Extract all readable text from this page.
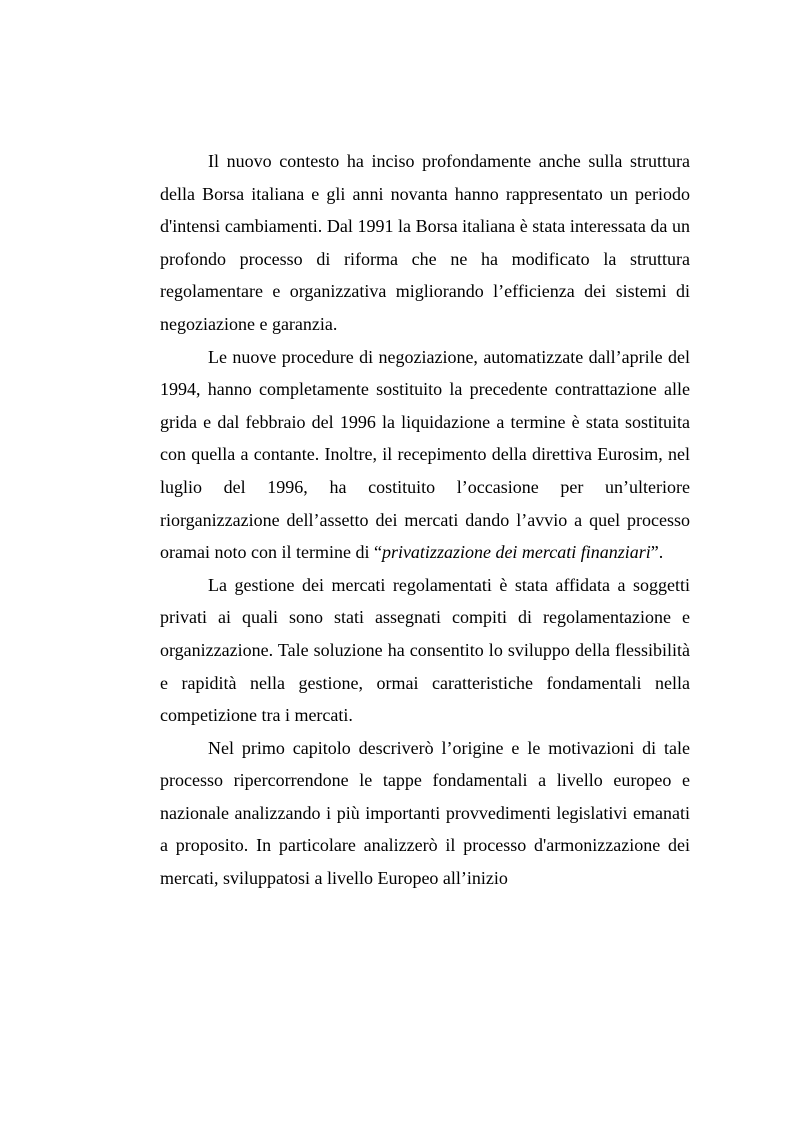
Il nuovo contesto ha inciso profondamente anche sulla struttura della Borsa italiana e gli anni novanta hanno rappresentato un periodo d'intensi cambiamenti. Dal 1991 la Borsa italiana è stata interessata da un profondo processo di riforma che ne ha modificato la struttura regolamentare e organizzativa migliorando l’efficienza dei sistemi di negoziazione e garanzia.

Le nuove procedure di negoziazione, automatizzate dall’aprile del 1994, hanno completamente sostituito la precedente contrattazione alle grida e dal febbraio del 1996 la liquidazione a termine è stata sostituita con quella a contante. Inoltre, il recepimento della direttiva Eurosim, nel luglio del 1996, ha costituito l’occasione per un’ulteriore riorganizzazione dell’assetto dei mercati dando l’avvio a quel processo oramai noto con il termine di “privatizzazione dei mercati finanziari”.

La gestione dei mercati regolamentati è stata affidata a soggetti privati ai quali sono stati assegnati compiti di regolamentazione e organizzazione. Tale soluzione ha consentito lo sviluppo della flessibilità e rapidità nella gestione, ormai caratteristiche fondamentali nella competizione tra i mercati.

Nel primo capitolo descriverò l’origine e le motivazioni di tale processo ripercorrendone le tappe fondamentali a livello europeo e nazionale analizzando i più importanti provvedimenti legislativi emanati a proposito. In particolare analizzerò il processo d'armonizzazione dei mercati, sviluppatosi a livello Europeo all’inizio
